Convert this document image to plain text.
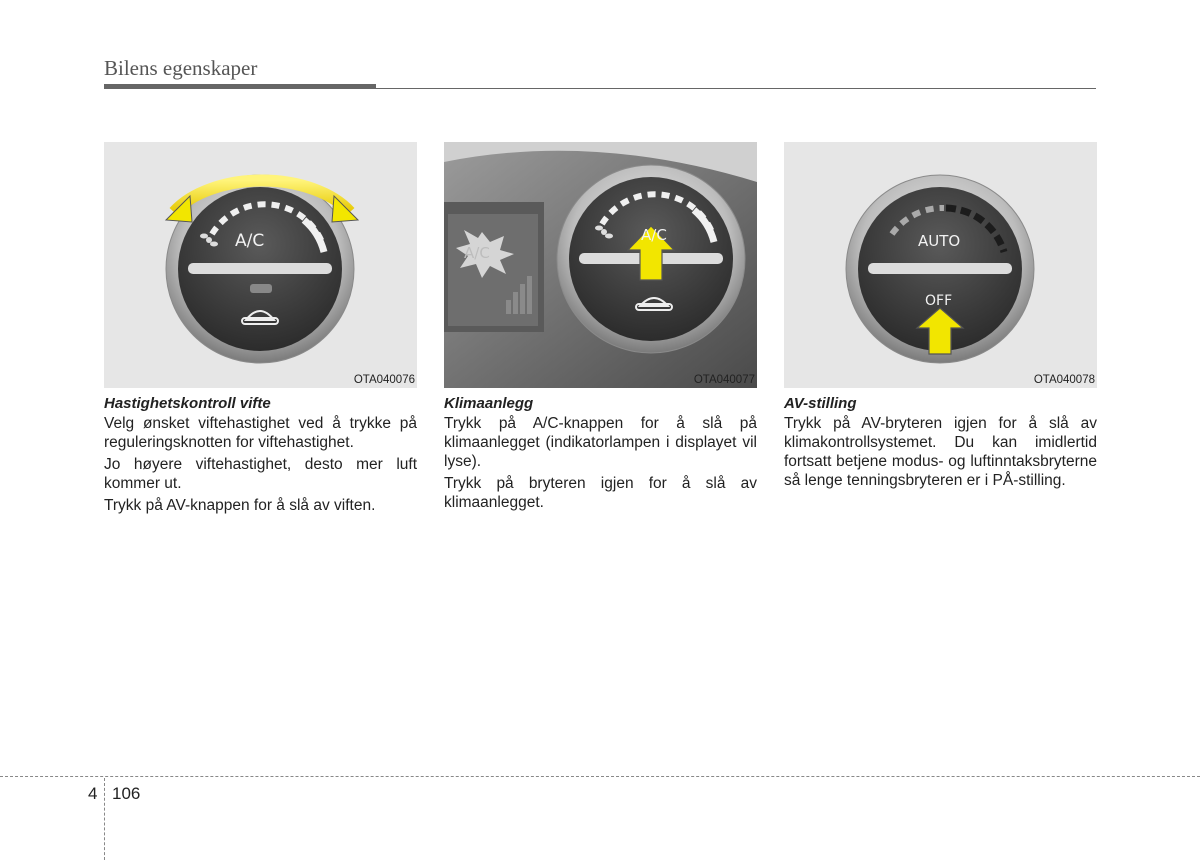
Bilens egenskaper
A/C
OTA040076
Hastighetskontroll vifte

Velg ønsket viftehastighet ved å trykke på reguleringsknotten for viftehastighet.

Jo høyere viftehastighet, desto mer luft kommer ut.

Trykk på AV-knappen for å slå av viften.

A/C
A/C
OTA040077
Klimaanlegg

Trykk på A/C-knappen for å slå på klimaanlegget (indikatorlampen i displayet vil lyse).

Trykk på bryteren igjen for å slå av klimaanlegget.

AUTO
OFF
OTA040078
AV-stilling

Trykk på AV-bryteren igjen for å slå av klimakontrollsystemet. Du kan imidlertid fortsatt betjene modus- og luftinntaksbryterne så lenge tenningsbryteren er i PÅ-stilling.

4 106
